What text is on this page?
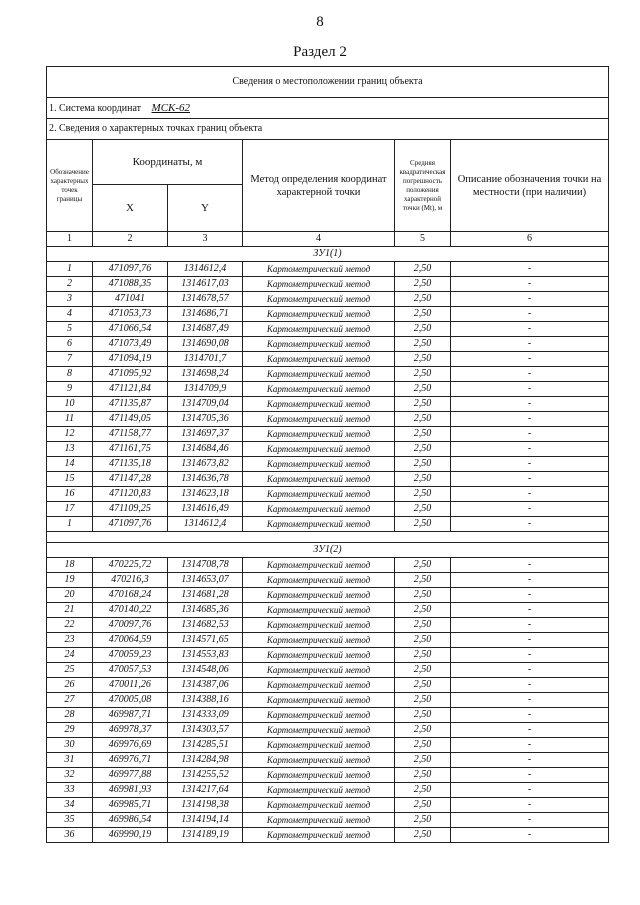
8
Раздел 2
Сведения о местоположении границ объекта					
1. Система координат МСК-62					
2. Сведения о характерных точках границ объекта					
Обозначение характерных точек границы	Координаты, м		Метод определения координат характерной точки	Средняя квадратическая погрешность положения характерной точки (Mt), м	Описание обозначения точки на местности (при наличии)
	X	Y			
1	2	3	4	5	6
ЗУ1(1)					
1	471097,76	1314612,4	Картометрический метод	2,50	-
2	471088,35	1314617,03	Картометрический метод	2,50	-
3	471041	1314678,57	Картометрический метод	2,50	-
4	471053,73	1314686,71	Картометрический метод	2,50	-
5	471066,54	1314687,49	Картометрический метод	2,50	-
6	471073,49	1314690,08	Картометрический метод	2,50	-
7	471094,19	1314701,7	Картометрический метод	2,50	-
8	471095,92	1314698,24	Картометрический метод	2,50	-
9	471121,84	1314709,9	Картометрический метод	2,50	-
10	471135,87	1314709,04	Картометрический метод	2,50	-
11	471149,05	1314705,36	Картометрический метод	2,50	-
12	471158,77	1314697,37	Картометрический метод	2,50	-
13	471161,75	1314684,46	Картометрический метод	2,50	-
14	471135,18	1314673,82	Картометрический метод	2,50	-
15	471147,28	1314636,78	Картометрический метод	2,50	-
16	471120,83	1314623,18	Картометрический метод	2,50	-
17	471109,25	1314616,49	Картометрический метод	2,50	-
1	471097,76	1314612,4	Картометрический метод	2,50	-

ЗУ1(2)					
18	470225,72	1314708,78	Картометрический метод	2,50	-
19	470216,3	1314653,07	Картометрический метод	2,50	-
20	470168,24	1314681,28	Картометрический метод	2,50	-
21	470140,22	1314685,36	Картометрический метод	2,50	-
22	470097,76	1314682,53	Картометрический метод	2,50	-
23	470064,59	1314571,65	Картометрический метод	2,50	-
24	470059,23	1314553,83	Картометрический метод	2,50	-
25	470057,53	1314548,06	Картометрический метод	2,50	-
26	470011,26	1314387,06	Картометрический метод	2,50	-
27	470005,08	1314388,16	Картометрический метод	2,50	-
28	469987,71	1314333,09	Картометрический метод	2,50	-
29	469978,37	1314303,57	Картометрический метод	2,50	-
30	469976,69	1314285,51	Картометрический метод	2,50	-
31	469976,71	1314284,98	Картометрический метод	2,50	-
32	469977,88	1314255,52	Картометрический метод	2,50	-
33	469981,93	1314217,64	Картометрический метод	2,50	-
34	469985,71	1314198,38	Картометрический метод	2,50	-
35	469986,54	1314194,14	Картометрический метод	2,50	-
36	469990,19	1314189,19	Картометрический метод	2,50	-
